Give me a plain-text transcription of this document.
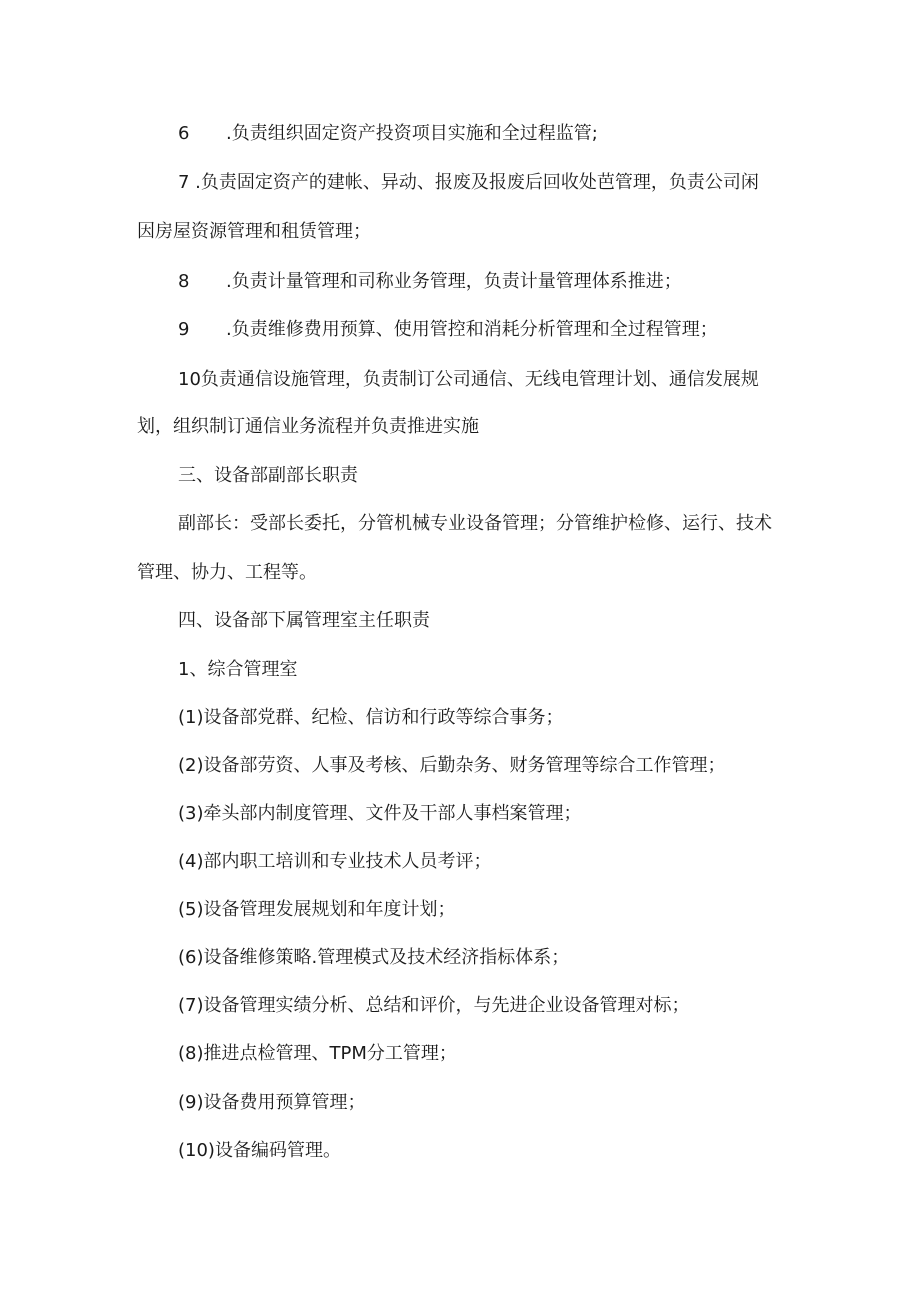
6 .负责组织固定资产投资项目实施和全过程监管;
7 .负责固定资产的建帐、异动、报废及报废后回收处芭管理，负责公司闲
因房屋资源管理和租赁管理；
8 .负责计量管理和司称业务管理，负责计量管理体系推进；
9 .负责维修费用预算、使用管控和消耗分析管理和全过程管理；
10负责通信设施管理，负责制订公司通信、无线电管理计划、通信发展规
划，组织制订通信业务流程并负责推进实施
三、设备部副部长职责
副部长：受部长委托，分管机械专业设备管理；分管维护检修、运行、技术
管理、协力、工程等。
四、设备部下属管理室主任职责
1、综合管理室
(1)设备部党群、纪检、信访和行政等综合事务；
(2)设备部劳资、人事及考核、后勤杂务、财务管理等综合工作管理；
(3)牵头部内制度管理、文件及干部人事档案管理；
(4)部内职工培训和专业技术人员考评；
(5)设备管理发展规划和年度计划；
(6)设备维修策略.管理模式及技术经济指标体系；
(7)设备管理实绩分析、总结和评价，与先进企业设备管理对标；
(8)推进点检管理、TPM分工管理；
(9)设备费用预算管理；
(10)设备编码管理。
